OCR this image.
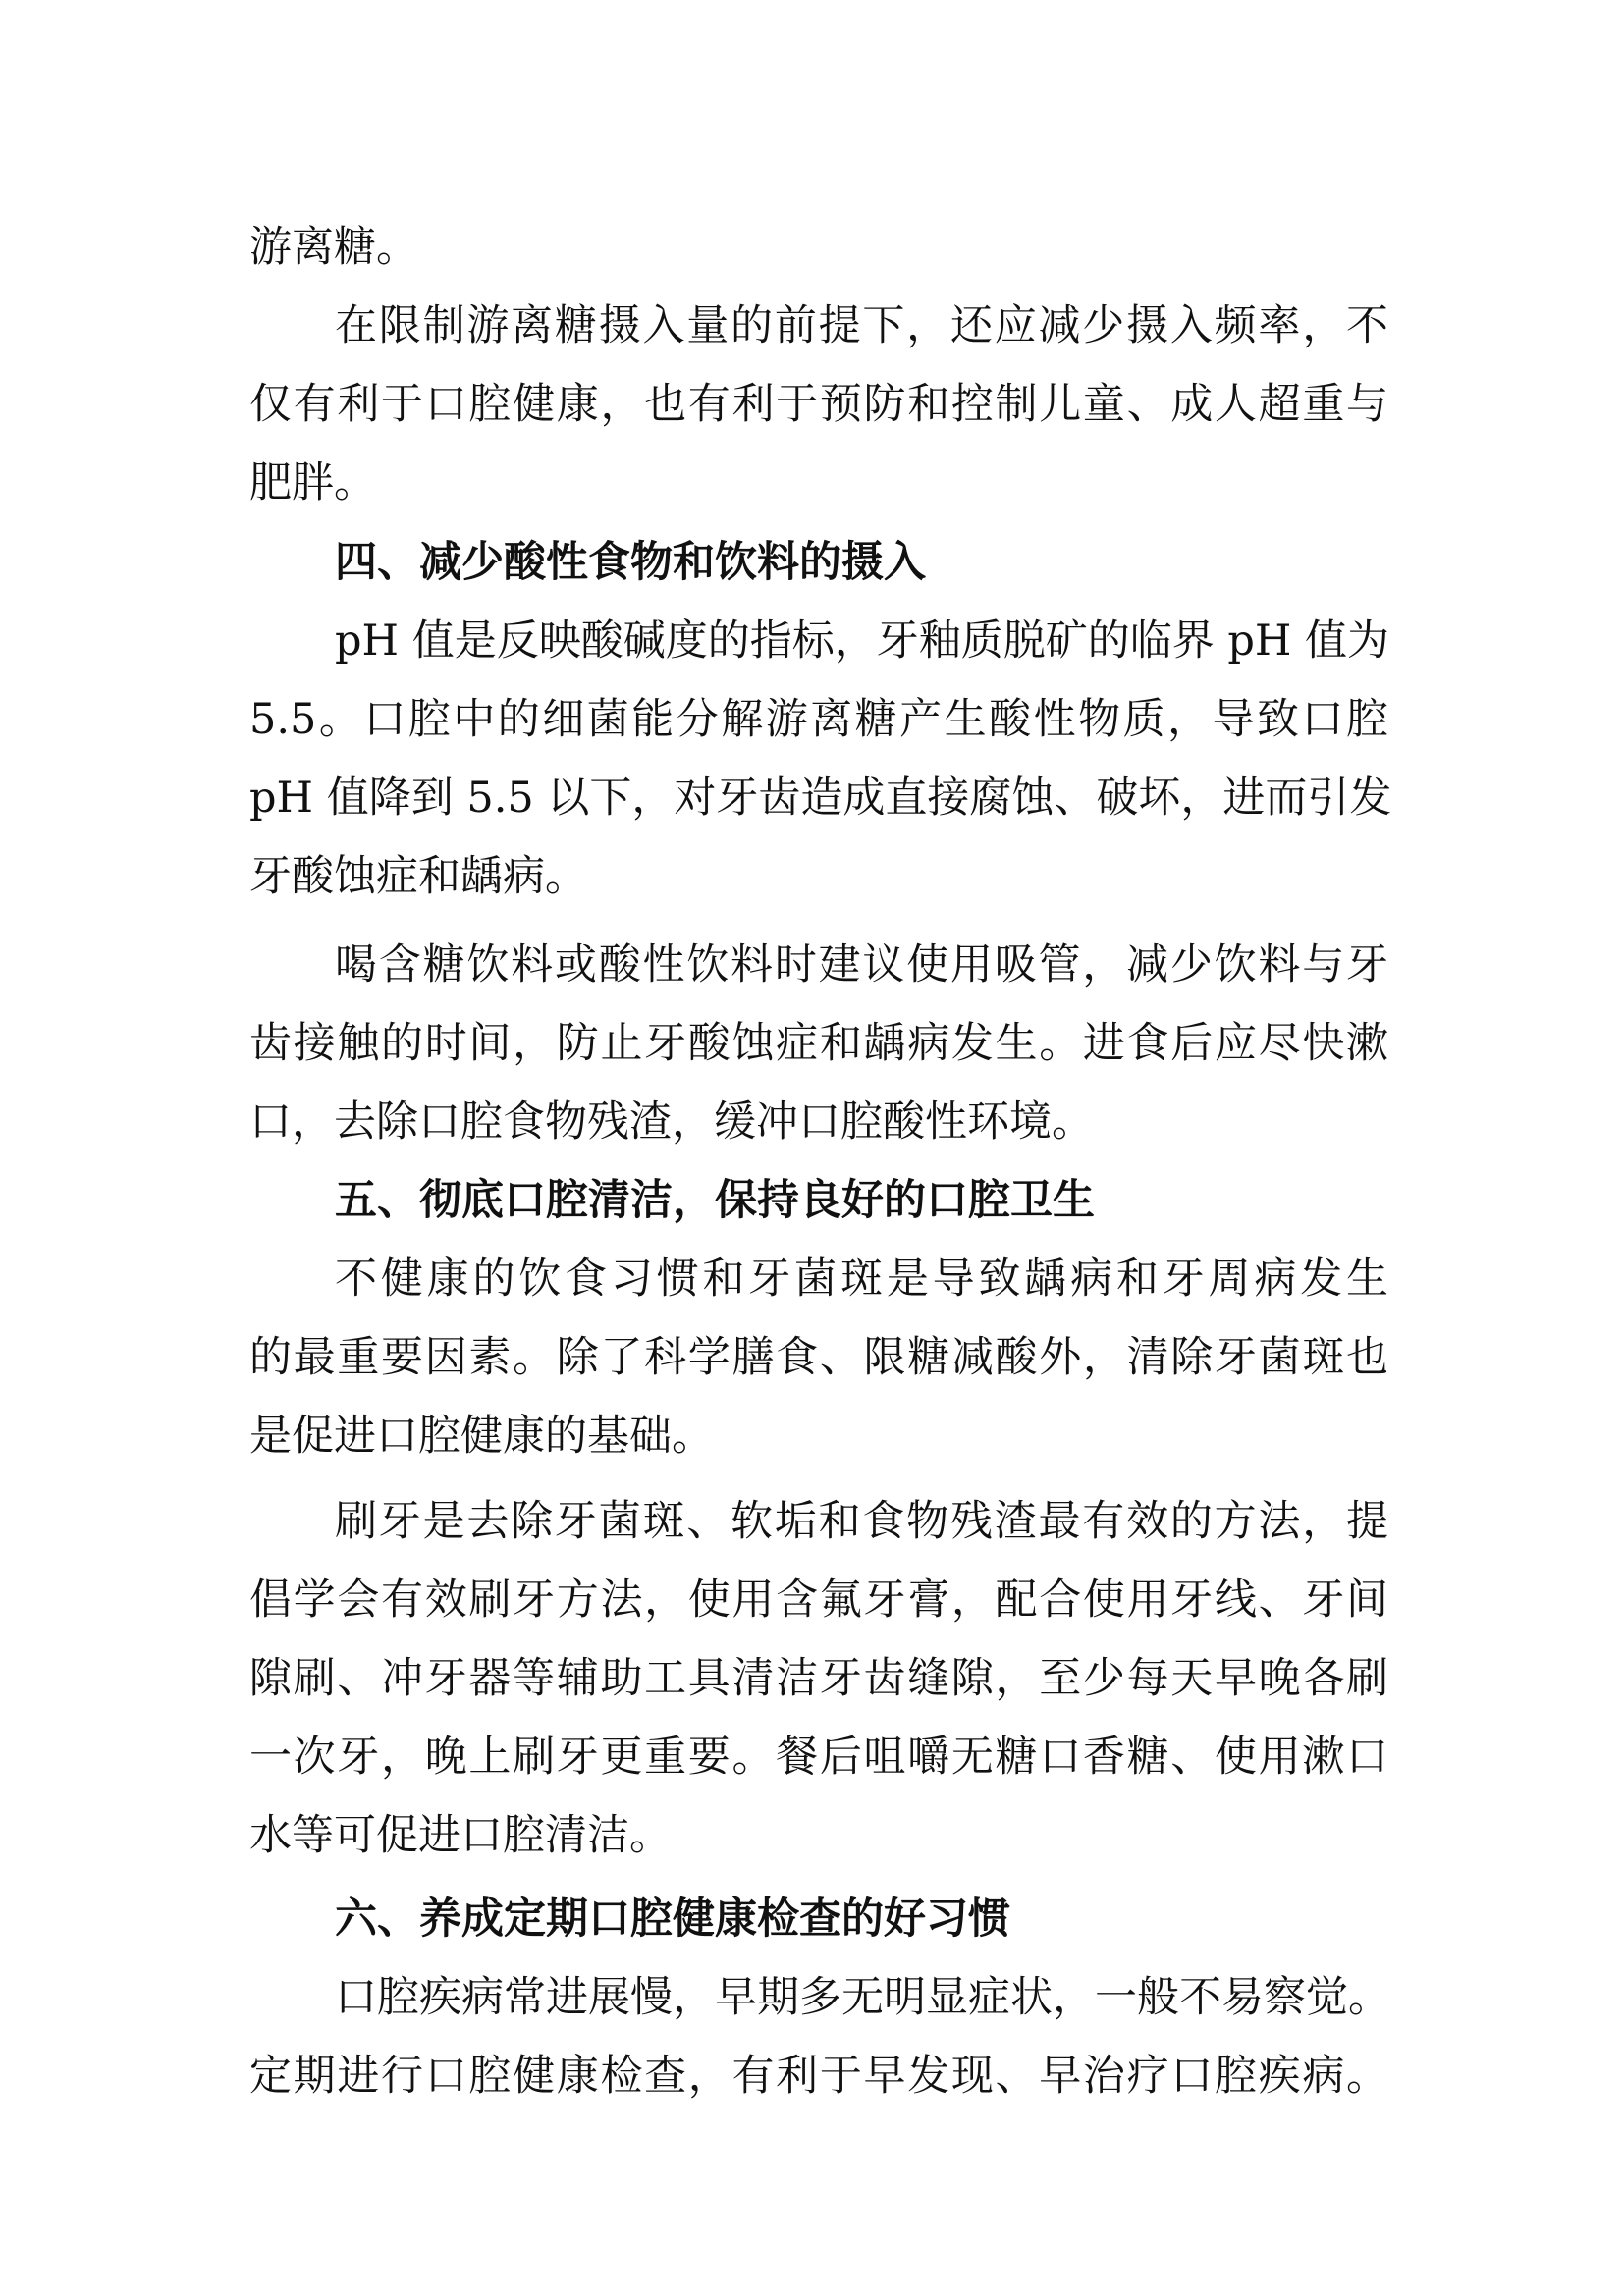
游离糖。
在限制游离糖摄入量的前提下，还应减少摄入频率，不
仅有利于口腔健康，也有利于预防和控制儿童、成人超重与
肥胖。
四、减少酸性食物和饮料的摄入
pH 值是反映酸碱度的指标，牙釉质脱矿的临界 pH 值为
5.5。口腔中的细菌能分解游离糖产生酸性物质，导致口腔
pH 值降到 5.5 以下，对牙齿造成直接腐蚀、破坏，进而引发
牙酸蚀症和龋病。
喝含糖饮料或酸性饮料时建议使用吸管，减少饮料与牙
齿接触的时间，防止牙酸蚀症和龋病发生。进食后应尽快漱
口，去除口腔食物残渣，缓冲口腔酸性环境。
五、彻底口腔清洁，保持良好的口腔卫生
不健康的饮食习惯和牙菌斑是导致龋病和牙周病发生
的最重要因素。除了科学膳食、限糖减酸外，清除牙菌斑也
是促进口腔健康的基础。
刷牙是去除牙菌斑、软垢和食物残渣最有效的方法，提
倡学会有效刷牙方法，使用含氟牙膏，配合使用牙线、牙间
隙刷、冲牙器等辅助工具清洁牙齿缝隙，至少每天早晚各刷
一次牙，晚上刷牙更重要。餐后咀嚼无糖口香糖、使用漱口
水等可促进口腔清洁。
六、养成定期口腔健康检查的好习惯
口腔疾病常进展慢，早期多无明显症状，一般不易察觉。
定期进行口腔健康检查，有利于早发现、早治疗口腔疾病。
